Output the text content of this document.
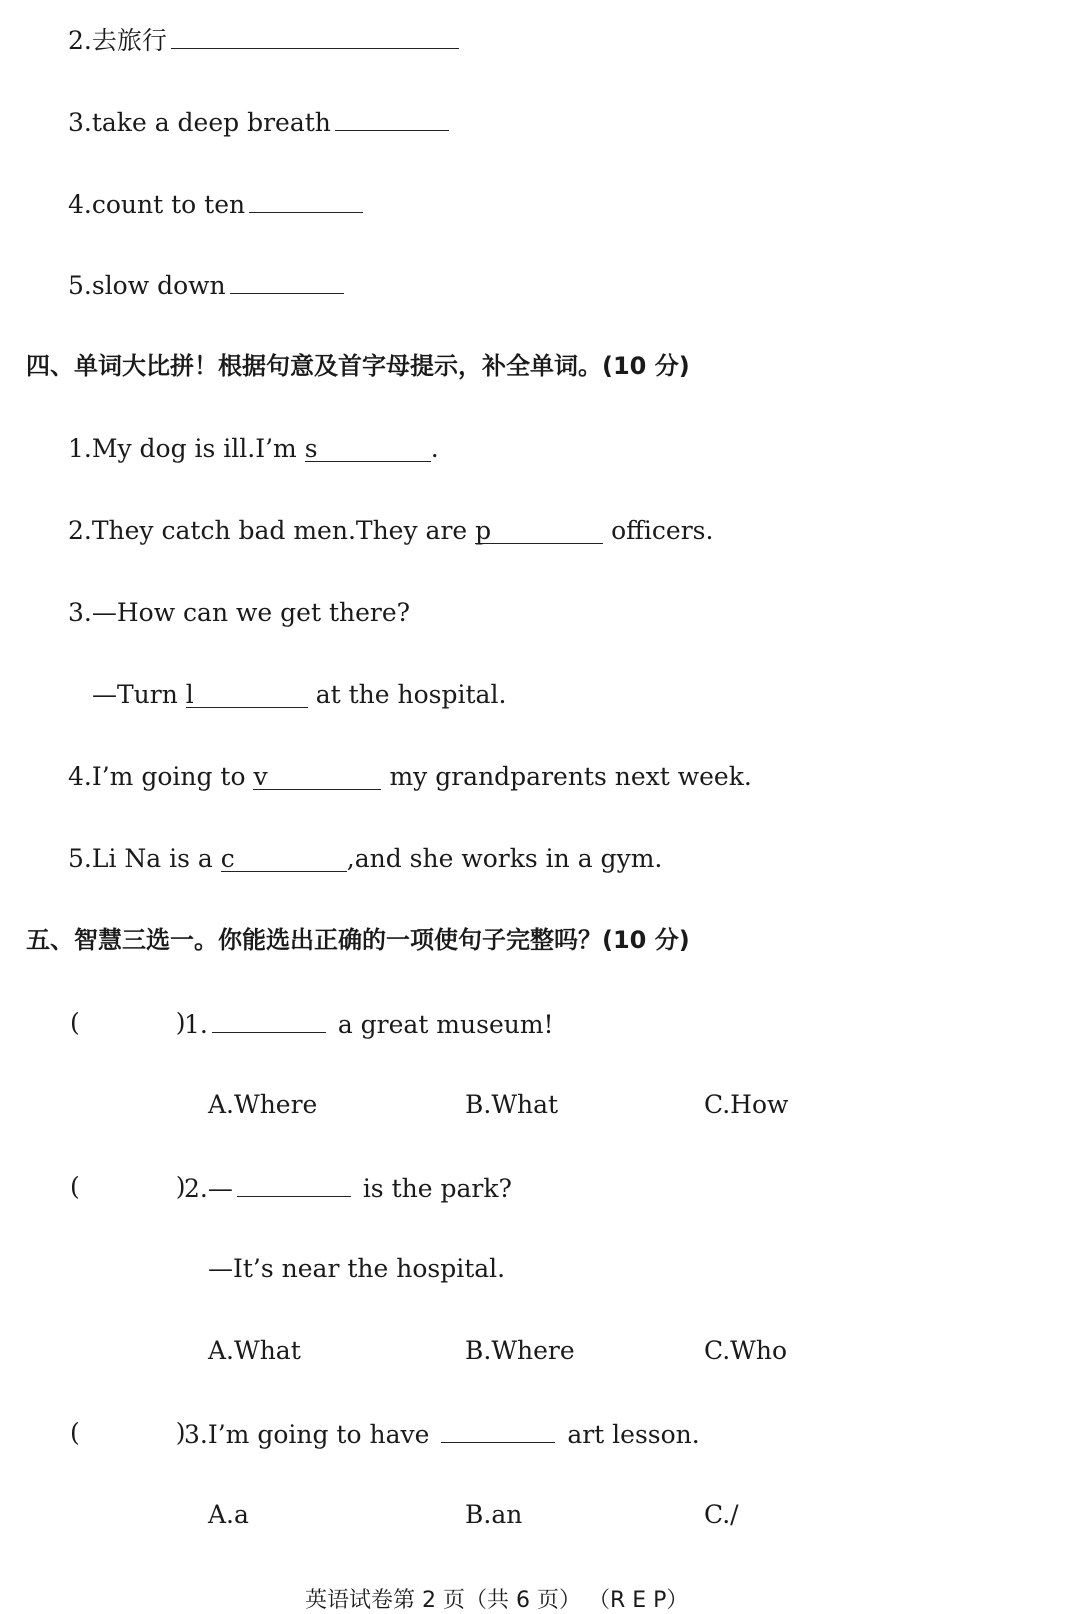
2.去旅行
3.take a deep breath
4.count to ten
5.slow down
四、单词大比拼！根据句意及首字母提示，补全单词。(10 分)
1.My dog is ill.I’m s	.
2.They catch bad men.They are p	officers.
3.—How can we get there?
—Turn l	at the hospital.
4.I’m going to v	my grandparents next week.
5.Li Na is a c	,and she works in a gym.
五、智慧三选一。你能选出正确的一项使句子完整吗？(10 分)
(	)
1.	a great museum!
A.Where	B.What	C.How
(	)
2.—	is the park?
—It’s near the hospital.
A.What	B.Where	C.Who
(	)
3.I’m going to have	art lesson.
A.a	B.an	C./
英语试卷第 2 页（共 6 页） （R E P）
